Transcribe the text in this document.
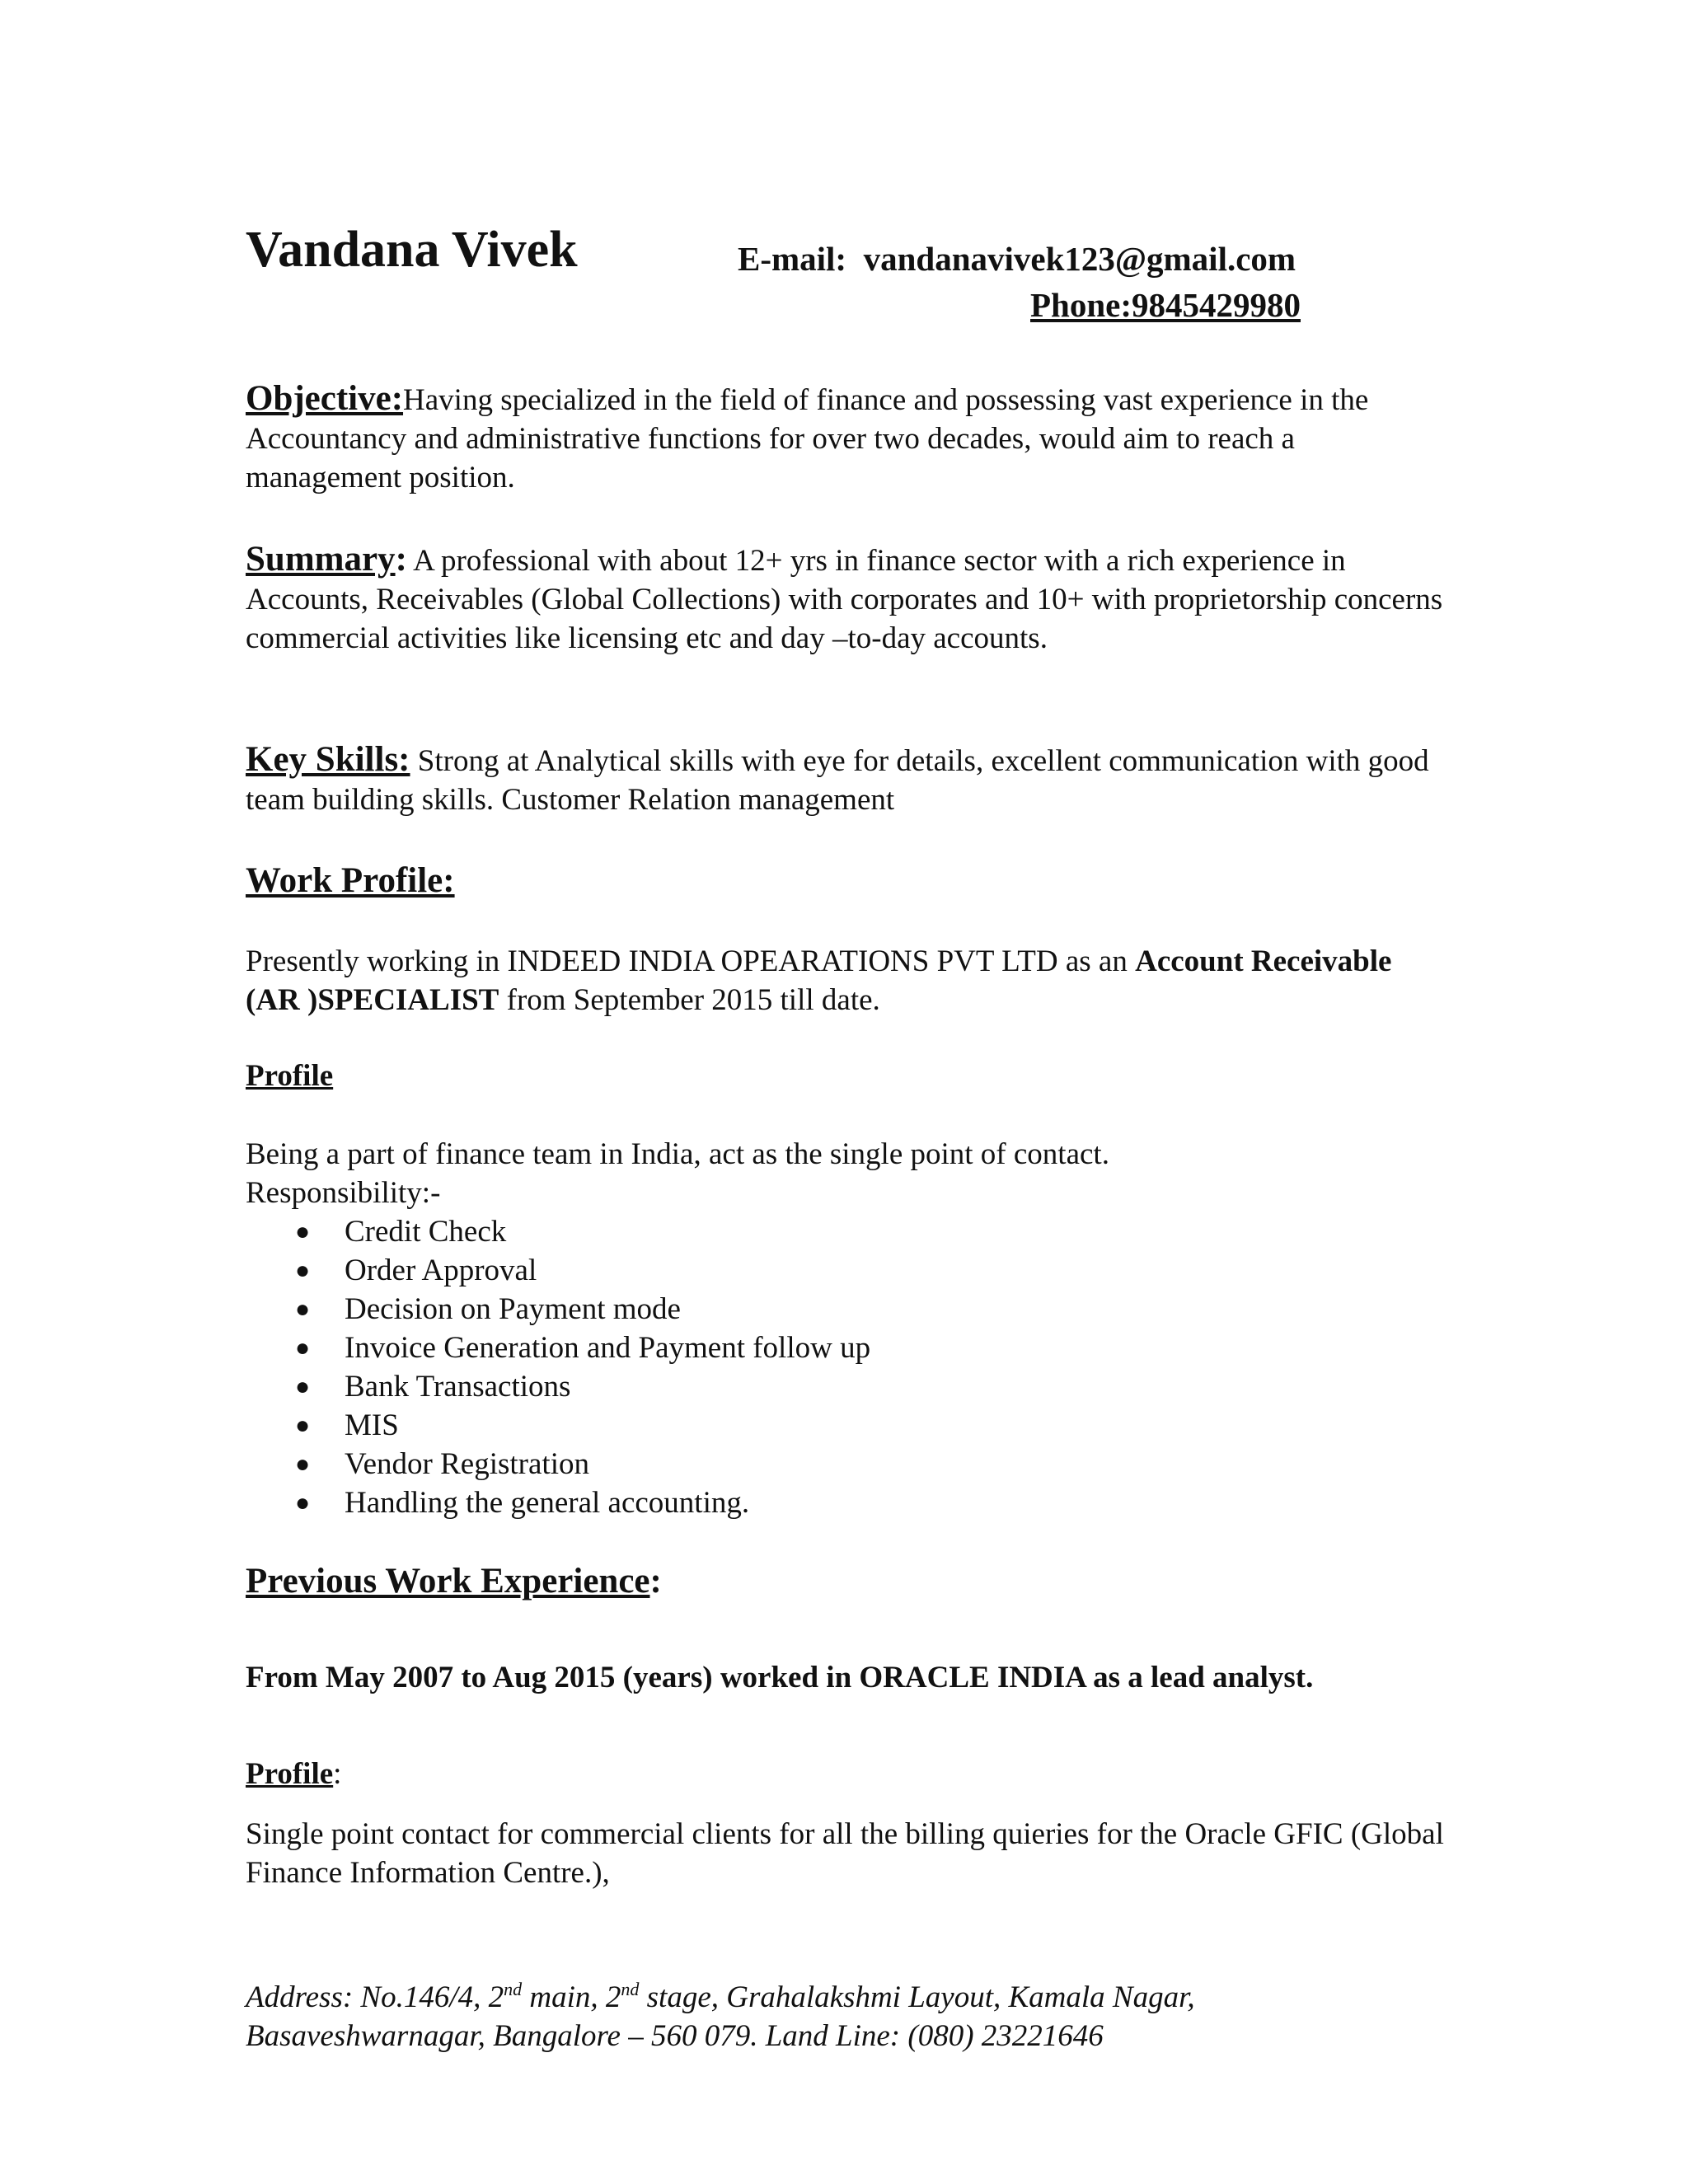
Vandana Vivek	E-mail: vandanavivek123@gmail.com
Phone:9845429980
Objective:Having specialized in the field of finance and possessing vast experience in the Accountancy and administrative functions for over two decades, would aim to reach a management position.
Summary: A professional with about 12+ yrs in finance sector with a rich experience in Accounts, Receivables (Global Collections) with corporates and 10+ with proprietorship concerns commercial activities like licensing etc and day –to-day accounts.
Key Skills: Strong at Analytical skills with eye for details, excellent communication with good team building skills. Customer Relation management
Work Profile:
Presently working in INDEED INDIA OPEARATIONS PVT LTD as an Account Receivable (AR )SPECIALIST from September 2015 till date.
Profile
Being a part of finance team in India, act as the single point of contact.
Responsibility:-
● Credit Check
● Order Approval
● Decision on Payment mode
● Invoice Generation and Payment follow up
● Bank Transactions
● MIS
● Vendor Registration
● Handling the general accounting.
Previous Work Experience:
From May 2007 to Aug 2015 (years) worked in ORACLE INDIA as a lead analyst.
Profile:
Single point contact for commercial clients for all the billing quieries for the Oracle GFIC (Global Finance Information Centre.),
Address: No.146/4, 2nd main, 2nd stage, Grahalakshmi Layout, Kamala Nagar,
Basaveshwarnagar, Bangalore – 560 079. Land Line: (080) 23221646
